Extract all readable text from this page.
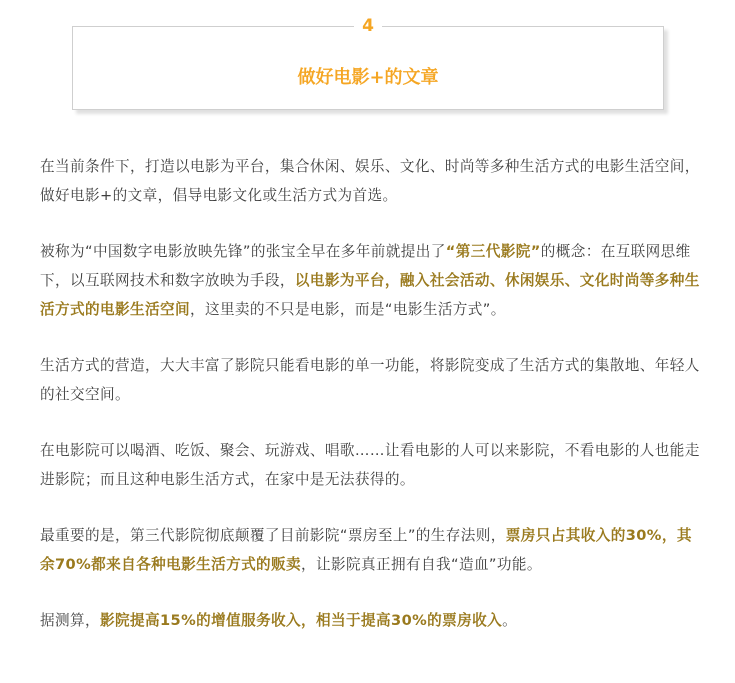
4
做好电影+的文章

在当前条件下，打造以电影为平台，集合休闲、娱乐、文化、时尚等多种生活方式的电影生活空间，做好电影+的文章，倡导电影文化或生活方式为首选。

被称为“中国数字电影放映先锋”的张宝全早在多年前就提出了“第三代影院”的概念：在互联网思维下，以互联网技术和数字放映为手段，以电影为平台，融入社会活动、休闲娱乐、文化时尚等多种生活方式的电影生活空间，这里卖的不只是电影，而是“电影生活方式”。

生活方式的营造，大大丰富了影院只能看电影的单一功能，将影院变成了生活方式的集散地、年轻人的社交空间。

在电影院可以喝酒、吃饭、聚会、玩游戏、唱歌……让看电影的人可以来影院，不看电影的人也能走进影院；而且这种电影生活方式，在家中是无法获得的。

最重要的是，第三代影院彻底颠覆了目前影院“票房至上”的生存法则，票房只占其收入的30%，其余70%都来自各种电影生活方式的贩卖，让影院真正拥有自我“造血”功能。

据测算，影院提高15%的增值服务收入，相当于提高30%的票房收入。
